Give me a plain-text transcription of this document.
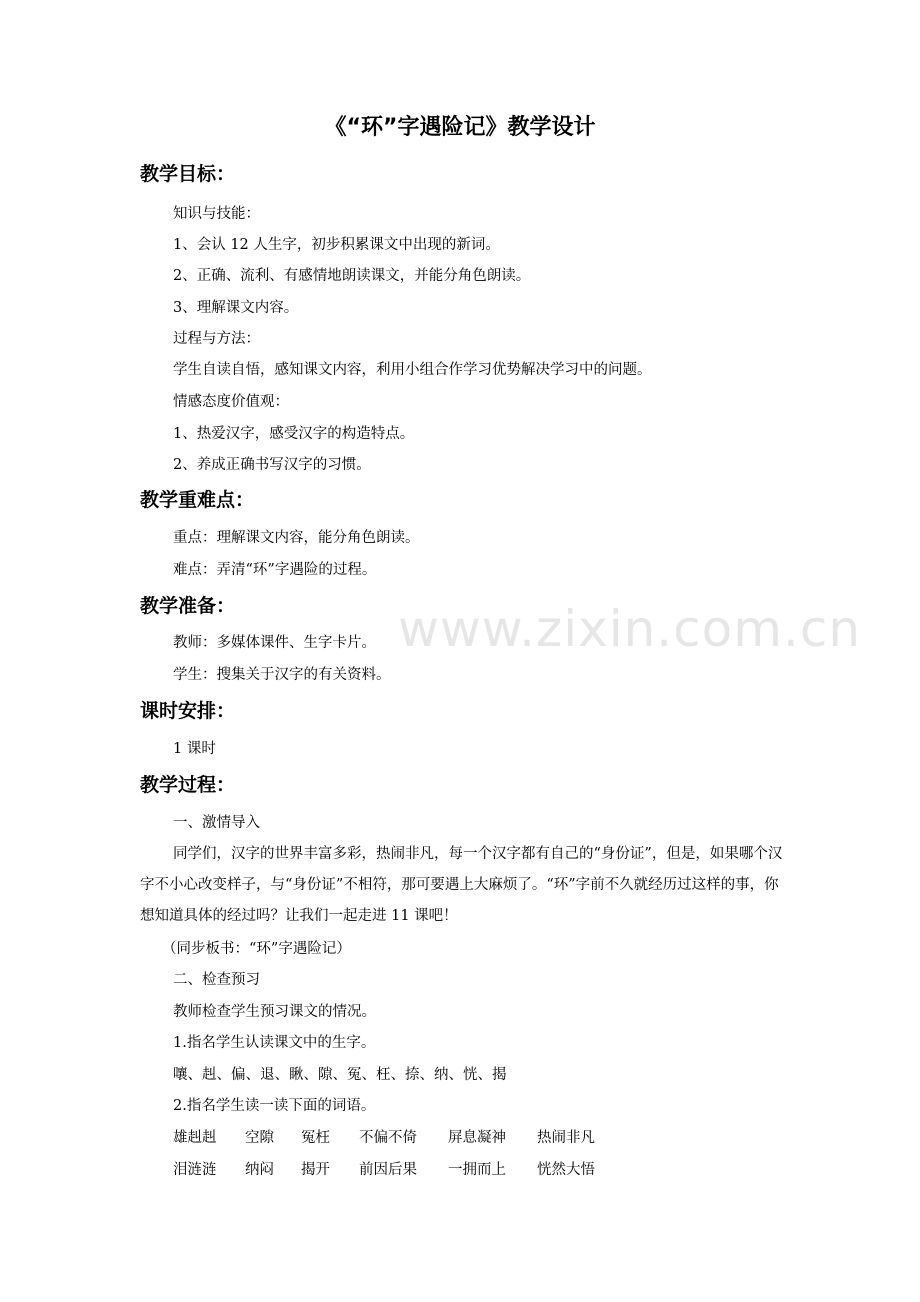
www.zixin.com.cn
《“环”字遇险记》教学设计
教学目标：
知识与技能：
1、会认 12 人生字，初步积累课文中出现的新词。
2、正确、流利、有感情地朗读课文，并能分角色朗读。
3、理解课文内容。
过程与方法：
学生自读自悟，感知课文内容，利用小组合作学习优势解决学习中的问题。
情感态度价值观：
1、热爱汉字，感受汉字的构造特点。
2、养成正确书写汉字的习惯。
教学重难点：
重点：理解课文内容，能分角色朗读。
难点：弄清“环”字遇险的过程。
教学准备：
教师：多媒体课件、生字卡片。
学生：搜集关于汉字的有关资料。
课时安排：
1 课时
教学过程：
一、激情导入
同学们，汉字的世界丰富多彩，热闹非凡，每一个汉字都有自己的“身份证”，但是，如果哪个汉字不小心改变样子，与“身份证”不相符，那可要遇上大麻烦了。“环”字前不久就经历过这样的事，你想知道具体的经过吗？让我们一起走进 11 课吧！
（同步板书：“环”字遇险记）
二、检查预习
教师检查学生预习课文的情况。
1.指名学生认读课文中的生字。
嚷、赳、偏、退、瞅、隙、冤、枉、捺、纳、恍、揭
2.指名学生读一读下面的词语。
雄赳赳 空隙 冤枉 不偏不倚 屏息凝神 热闹非凡
泪涟涟 纳闷 揭开 前因后果 一拥而上 恍然大悟
